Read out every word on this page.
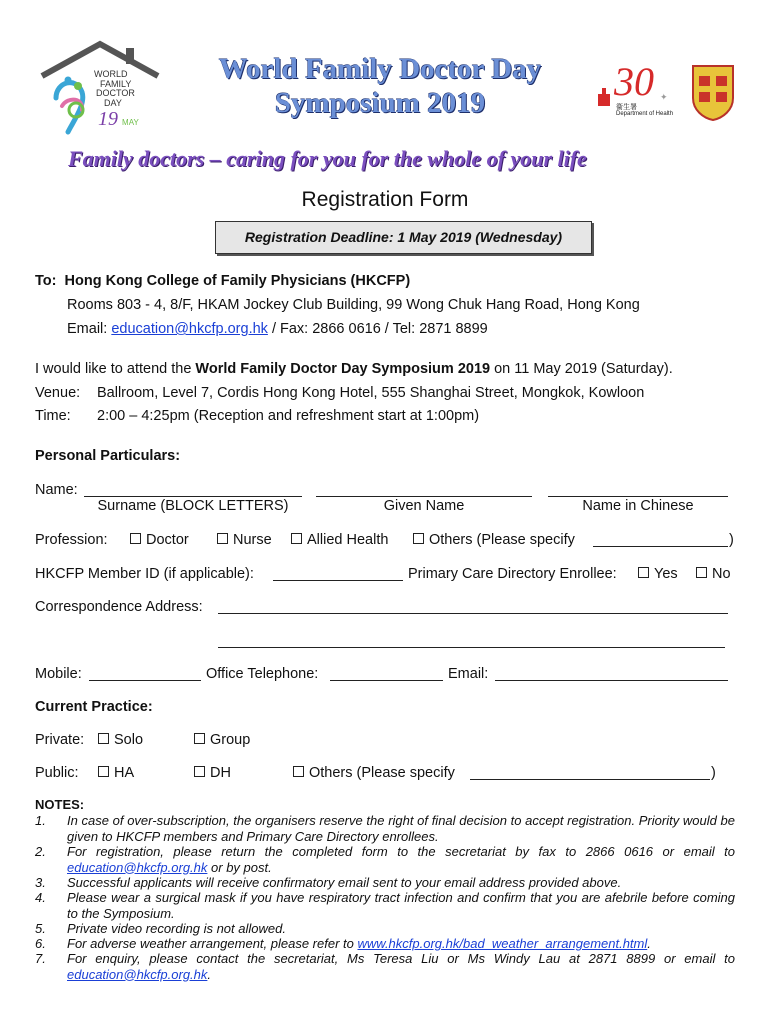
WORLD
FAMILY
DOCTOR
DAY
19 MAY
World Family Doctor Day
Symposium 2019	30
衞生署
Department of Health
✦
Family doctors – caring for you for the whole of your life
Registration Form
Registration Deadline: 1 May 2019 (Wednesday)
To: Hong Kong College of Family Physicians (HKCFP)
Rooms 803 - 4, 8/F, HKAM Jockey Club Building, 99 Wong Chuk Hang Road, Hong Kong
Email: education@hkcfp.org.hk / Fax: 2866 0616 / Tel: 2871 8899
I would like to attend the World Family Doctor Day Symposium 2019 on 11 May 2019 (Saturday).
Venue: Ballroom, Level 7, Cordis Hong Kong Hotel, 555 Shanghai Street, Mongkok, Kowloon
Time: 2:00 – 4:25pm (Reception and refreshment start at 1:00pm)
Personal Particulars:
Name:
Surname (BLOCK LETTERS)	Given Name	Name in Chinese
Profession:	Doctor	Nurse	Allied Health	Others (Please specify	)
HKCFP Member ID (if applicable):	Primary Care Directory Enrollee:	Yes	No
Correspondence Address:
Mobile:	Office Telephone:	Email:
Current Practice:
Private:	Solo	Group
Public:	HA	DH	Others (Please specify	)
NOTES:
1. In case of over-subscription, the organisers reserve the right of final decision to accept registration. Priority would be given to HKCFP members and Primary Care Directory enrollees.
2. For registration, please return the completed form to the secretariat by fax to 2866 0616 or email to education@hkcfp.org.hk or by post.
3. Successful applicants will receive confirmatory email sent to your email address provided above.
4. Please wear a surgical mask if you have respiratory tract infection and confirm that you are afebrile before coming to the Symposium.
5. Private video recording is not allowed.
6. For adverse weather arrangement, please refer to www.hkcfp.org.hk/bad_weather_arrangement.html.
7. For enquiry, please contact the secretariat, Ms Teresa Liu or Ms Windy Lau at 2871 8899 or email to education@hkcfp.org.hk.
